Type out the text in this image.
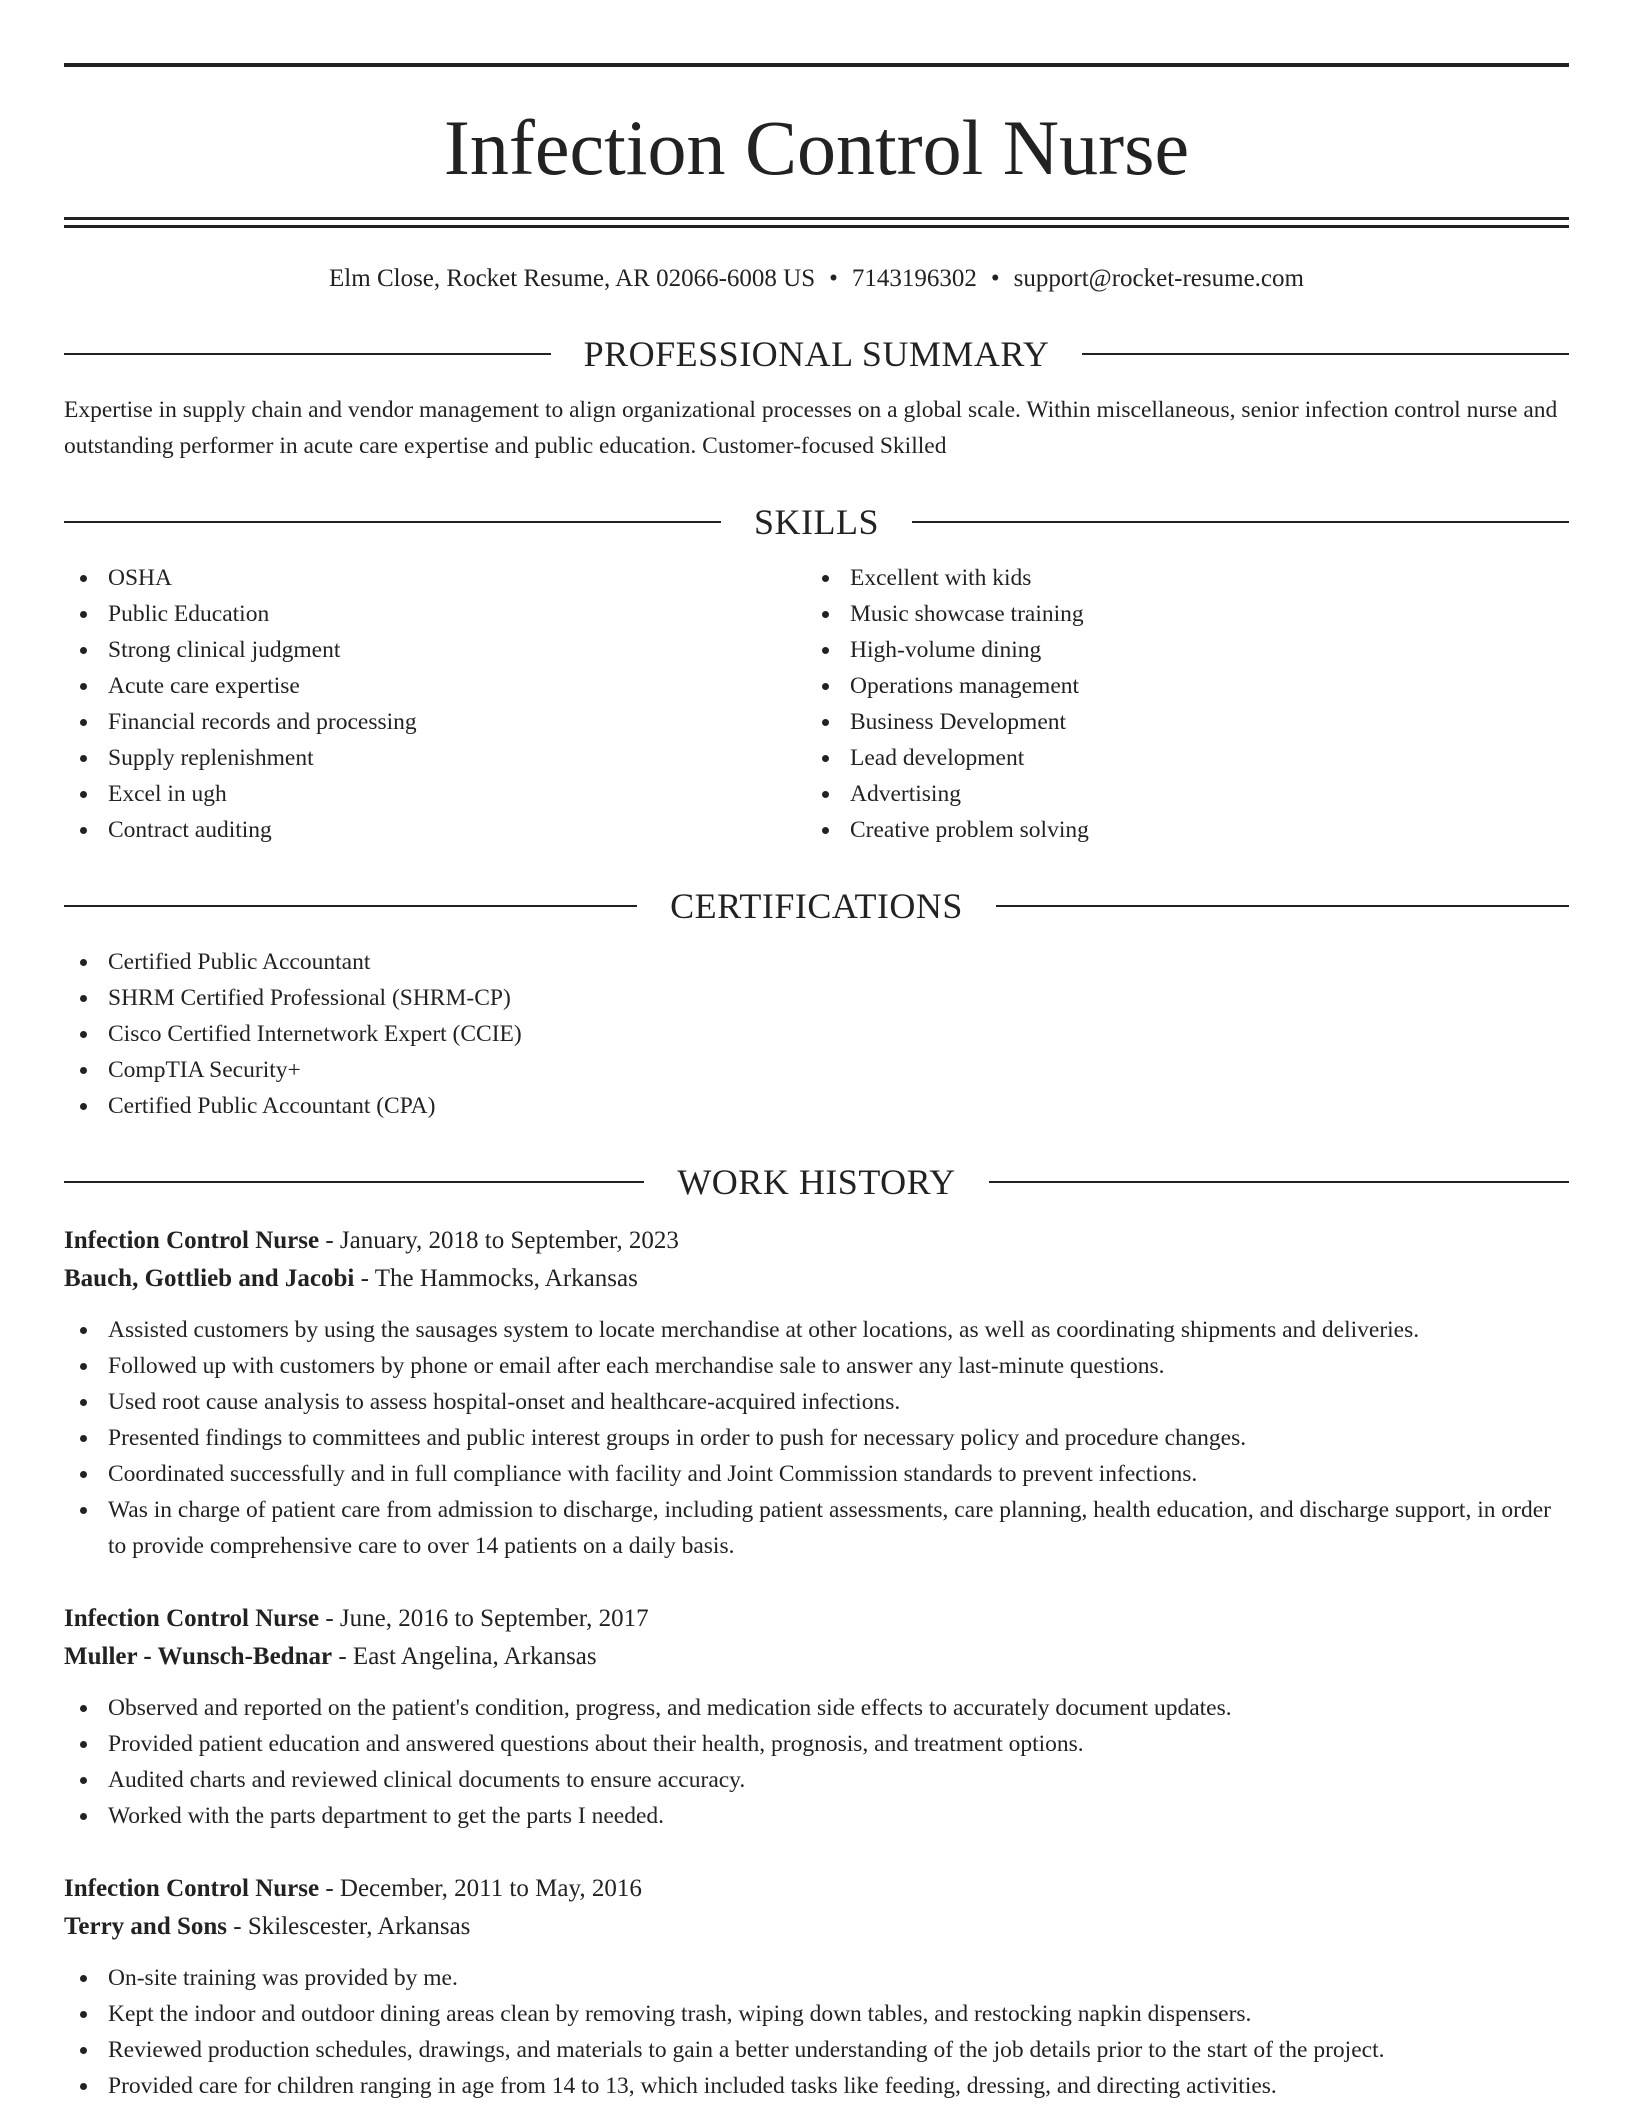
Infection Control Nurse
Elm Close, Rocket Resume, AR 02066-6008 US • 7143196302 • support@rocket-resume.com
PROFESSIONAL SUMMARY

Expertise in supply chain and vendor management to align organizational processes on a global scale. Within miscellaneous, senior infection control nurse and outstanding performer in acute care expertise and public education. Customer-focused Skilled

SKILLS
OSHA
Public Education
Strong clinical judgment
Acute care expertise
Financial records and processing
Supply replenishment
Excel in ugh
Contract auditing
Excellent with kids
Music showcase training
High-volume dining
Operations management
Business Development
Lead development
Advertising
Creative problem solving
CERTIFICATIONS
Certified Public Accountant
SHRM Certified Professional (SHRM-CP)
Cisco Certified Internetwork Expert (CCIE)
CompTIA Security+
Certified Public Accountant (CPA)
WORK HISTORY
Infection Control Nurse - January, 2018 to September, 2023
Bauch, Gottlieb and Jacobi - The Hammocks, Arkansas
Assisted customers by using the sausages system to locate merchandise at other locations, as well as coordinating shipments and deliveries.
Followed up with customers by phone or email after each merchandise sale to answer any last-minute questions.
Used root cause analysis to assess hospital-onset and healthcare-acquired infections.
Presented findings to committees and public interest groups in order to push for necessary policy and procedure changes.
Coordinated successfully and in full compliance with facility and Joint Commission standards to prevent infections.
Was in charge of patient care from admission to discharge, including patient assessments, care planning, health education, and discharge support, in order to provide comprehensive care to over 14 patients on a daily basis.
Infection Control Nurse - June, 2016 to September, 2017
Muller - Wunsch-Bednar - East Angelina, Arkansas
Observed and reported on the patient's condition, progress, and medication side effects to accurately document updates.
Provided patient education and answered questions about their health, prognosis, and treatment options.
Audited charts and reviewed clinical documents to ensure accuracy.
Worked with the parts department to get the parts I needed.
Infection Control Nurse - December, 2011 to May, 2016
Terry and Sons - Skilescester, Arkansas
On-site training was provided by me.
Kept the indoor and outdoor dining areas clean by removing trash, wiping down tables, and restocking napkin dispensers.
Reviewed production schedules, drawings, and materials to gain a better understanding of the job details prior to the start of the project.
Provided care for children ranging in age from 14 to 13, which included tasks like feeding, dressing, and directing activities.
